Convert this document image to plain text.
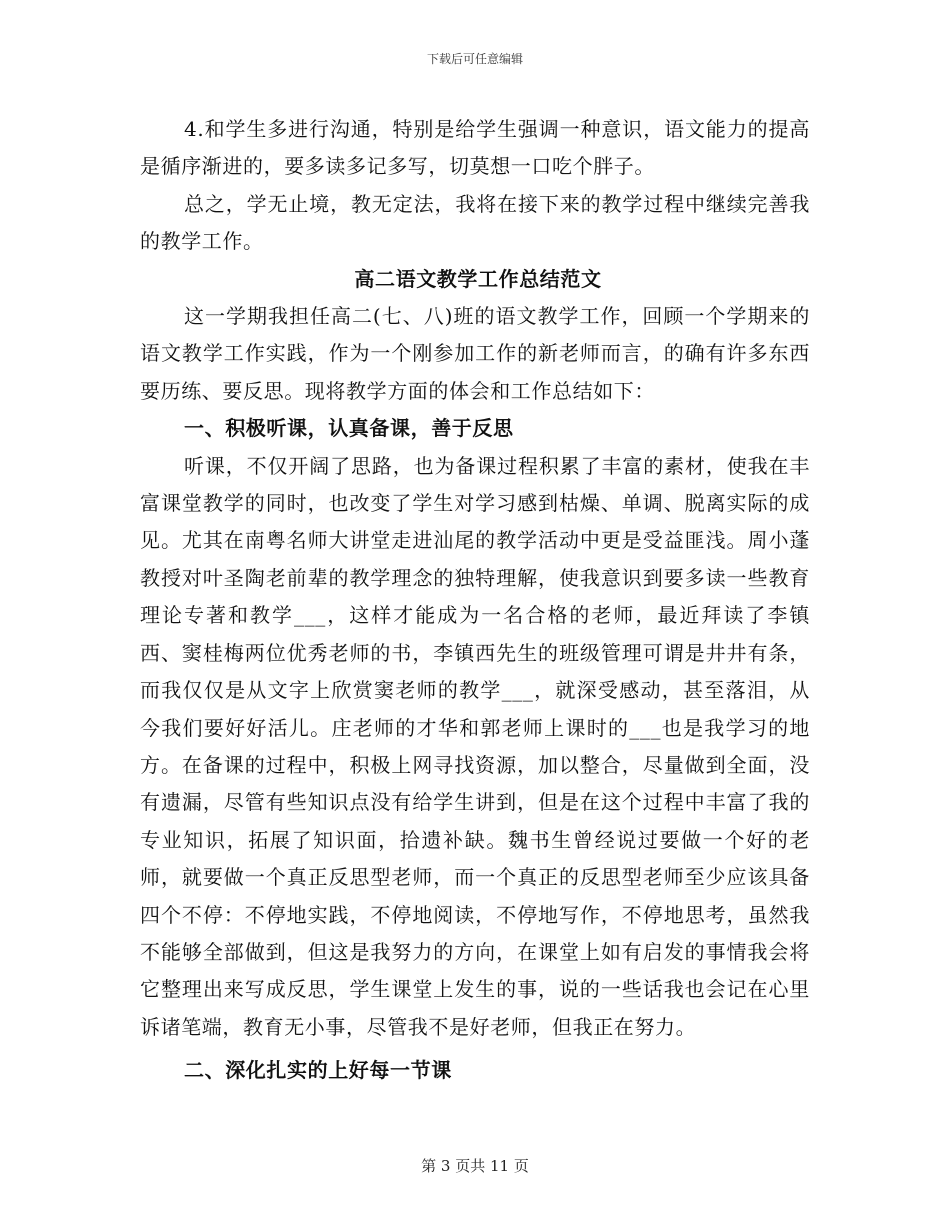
下载后可任意编辑

4.和学生多进行沟通，特别是给学生强调一种意识，语文能力的提高是循序渐进的，要多读多记多写，切莫想一口吃个胖子。

总之，学无止境，教无定法，我将在接下来的教学过程中继续完善我的教学工作。

高二语文教学工作总结范文

这一学期我担任高二(七、八)班的语文教学工作，回顾一个学期来的语文教学工作实践，作为一个刚参加工作的新老师而言，的确有许多东西要历练、要反思。现将教学方面的体会和工作总结如下：

一、积极听课，认真备课，善于反思

听课，不仅开阔了思路，也为备课过程积累了丰富的素材，使我在丰富课堂教学的同时，也改变了学生对学习感到枯燥、单调、脱离实际的成见。尤其在南粤名师大讲堂走进汕尾的教学活动中更是受益匪浅。周小蓬教授对叶圣陶老前辈的教学理念的独特理解，使我意识到要多读一些教育理论专著和教学___，这样才能成为一名合格的老师，最近拜读了李镇西、窦桂梅两位优秀老师的书，李镇西先生的班级管理可谓是井井有条，而我仅仅是从文字上欣赏窦老师的教学___，就深受感动，甚至落泪，从今我们要好好活儿。庄老师的才华和郭老师上课时的___也是我学习的地方。在备课的过程中，积极上网寻找资源，加以整合，尽量做到全面，没有遗漏，尽管有些知识点没有给学生讲到，但是在这个过程中丰富了我的专业知识，拓展了知识面，拾遗补缺。魏书生曾经说过要做一个好的老师，就要做一个真正反思型老师，而一个真正的反思型老师至少应该具备四个不停：不停地实践，不停地阅读，不停地写作，不停地思考，虽然我不能够全部做到，但这是我努力的方向，在课堂上如有启发的事情我会将它整理出来写成反思，学生课堂上发生的事，说的一些话我也会记在心里诉诸笔端，教育无小事，尽管我不是好老师，但我正在努力。

二、深化扎实的上好每一节课

第 3 页共 11 页
